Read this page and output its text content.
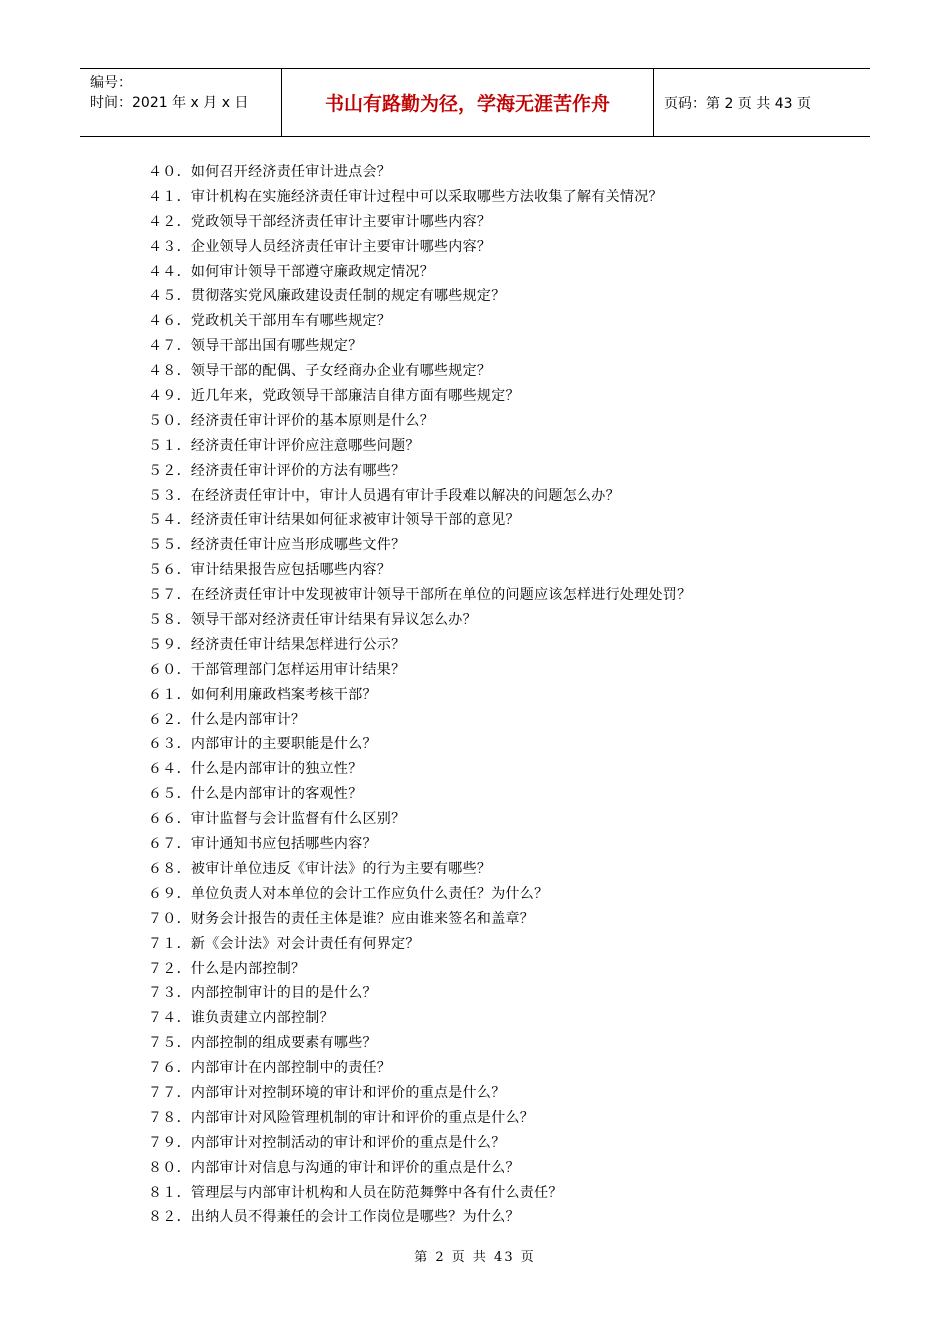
编号：
时间：2021 年 x 月 x 日	书山有路勤为径，学海无涯苦作舟	页码：第 2 页 共 43 页
４０．如何召开经济责任审计进点会？
４１．审计机构在实施经济责任审计过程中可以采取哪些方法收集了解有关情况？
４２．党政领导干部经济责任审计主要审计哪些内容？
４３．企业领导人员经济责任审计主要审计哪些内容？
４４．如何审计领导干部遵守廉政规定情况？
４５．贯彻落实党风廉政建设责任制的规定有哪些规定？
４６．党政机关干部用车有哪些规定？
４７．领导干部出国有哪些规定？
４８．领导干部的配偶、子女经商办企业有哪些规定？
４９．近几年来，党政领导干部廉洁自律方面有哪些规定？
５０．经济责任审计评价的基本原则是什么？
５１．经济责任审计评价应注意哪些问题？
５２．经济责任审计评价的方法有哪些？
５３．在经济责任审计中，审计人员遇有审计手段难以解决的问题怎么办？
５４．经济责任审计结果如何征求被审计领导干部的意见？
５５．经济责任审计应当形成哪些文件？
５６．审计结果报告应包括哪些内容？
５７．在经济责任审计中发现被审计领导干部所在单位的问题应该怎样进行处理处罚？
５８．领导干部对经济责任审计结果有异议怎么办？
５９．经济责任审计结果怎样进行公示？
６０．干部管理部门怎样运用审计结果？
６１．如何利用廉政档案考核干部？
６２．什么是内部审计？
６３．内部审计的主要职能是什么？
６４．什么是内部审计的独立性？
６５．什么是内部审计的客观性？
６６．审计监督与会计监督有什么区别？
６７．审计通知书应包括哪些内容？
６８．被审计单位违反《审计法》的行为主要有哪些？
６９．单位负责人对本单位的会计工作应负什么责任？为什么？
７０．财务会计报告的责任主体是谁？应由谁来签名和盖章？
７１．新《会计法》对会计责任有何界定？
７２．什么是内部控制？
７３．内部控制审计的目的是什么？
７４．谁负责建立内部控制？
７５．内部控制的组成要素有哪些？
７６．内部审计在内部控制中的责任？
７７．内部审计对控制环境的审计和评价的重点是什么？
７８．内部审计对风险管理机制的审计和评价的重点是什么？
７９．内部审计对控制活动的审计和评价的重点是什么？
８０．内部审计对信息与沟通的审计和评价的重点是什么？
８１．管理层与内部审计机构和人员在防范舞弊中各有什么责任？
８２．出纳人员不得兼任的会计工作岗位是哪些？为什么？
第 2 页 共 43 页
